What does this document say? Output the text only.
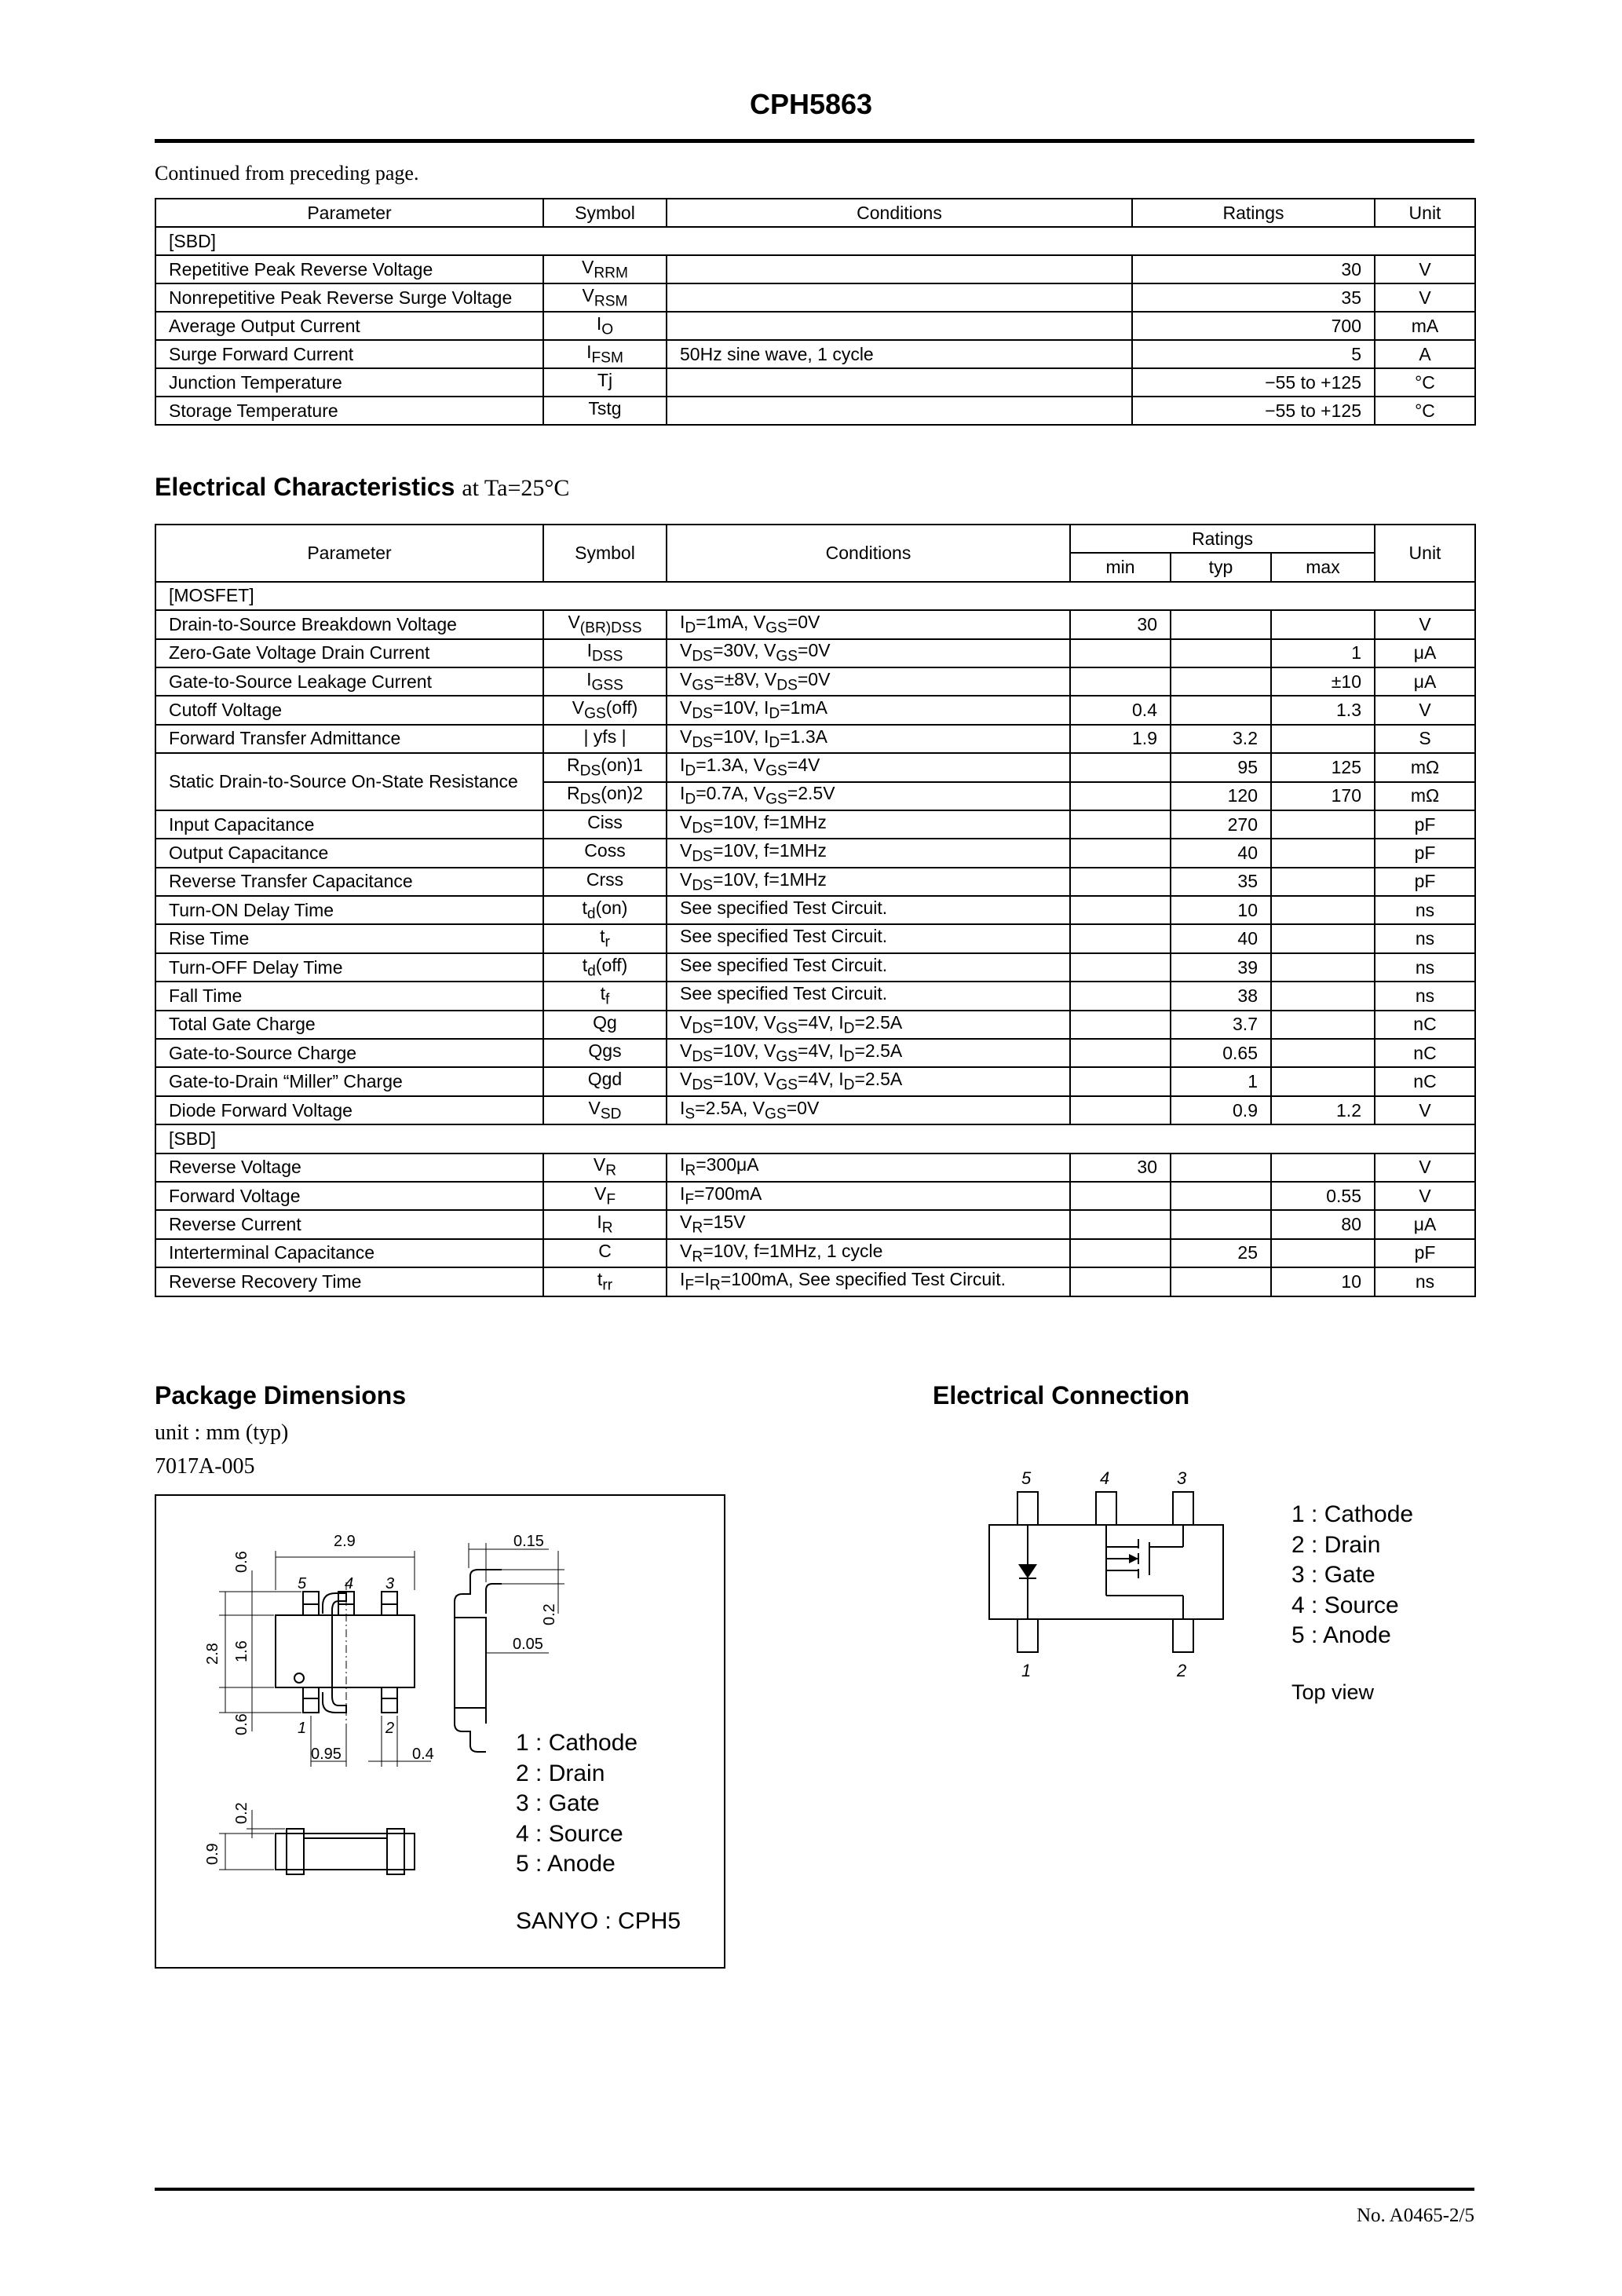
CPH5863
Continued from preceding page.
Parameter	Symbol	Conditions	Ratings	Unit
[SBD]				
Repetitive Peak Reverse Voltage	$V_{RRM}$		30	V
Nonrepetitive Peak Reverse Surge Voltage	$V_{RSM}$		35	V
Average Output Current	$I_O$		700	mA
Surge Forward Current	$I_{FSM}$	50Hz sine wave, 1 cycle	5	A
Junction Temperature	Tj		−55 to +125	°C
Storage Temperature	Tstg		−55 to +125	°C
Electrical Characteristics at Ta=25°C
Parameter	Symbol	Conditions	Ratings			Unit
			min	typ	max	
[MOSFET]						
Drain-to-Source Breakdown Voltage	$V_{(BR)DSS}$	$I_D=1mA$, $V_{GS}=0V$	30			V
Zero-Gate Voltage Drain Current	$I_{DSS}$	$V_{DS}=30V$, $V_{GS}=0V$			1	μA
Gate-to-Source Leakage Current	$I_{GSS}$	$V_{GS}=\pm 8V$, $V_{DS}=0V$			±10	μA
Cutoff Voltage	$V_{GS}(off)$	$V_{DS}=10V$, $I_D=1mA$	0.4		1.3	V
Forward Transfer Admittance	| yfs |	$V_{DS}=10V$, $I_D=1.3A$	1.9	3.2		S
Static Drain-to-Source On-State Resistance	$R_{DS}(on)1$	$I_D=1.3A$, $V_{GS}=4V$		95	125	mΩ
	$R_{DS}(on)2$	$I_D=0.7A$, $V_{GS}=2.5V$		120	170	mΩ
Input Capacitance	Ciss	$V_{DS}=10V$, f=1MHz		270		pF
Output Capacitance	Coss	$V_{DS}=10V$, f=1MHz		40		pF
Reverse Transfer Capacitance	Crss	$V_{DS}=10V$, f=1MHz		35		pF
Turn-ON Delay Time	$t_d(on)$	See specified Test Circuit.		10		ns
Rise Time	$t_r$	See specified Test Circuit.		40		ns
Turn-OFF Delay Time	$t_d(off)$	See specified Test Circuit.		39		ns
Fall Time	$t_f$	See specified Test Circuit.		38		ns
Total Gate Charge	Qg	$V_{DS}=10V$, $V_{GS}=4V$, $I_D=2.5A$		3.7		nC
Gate-to-Source Charge	Qgs	$V_{DS}=10V$, $V_{GS}=4V$, $I_D=2.5A$		0.65		nC
Gate-to-Drain “Miller” Charge	Qgd	$V_{DS}=10V$, $V_{GS}=4V$, $I_D=2.5A$		1		nC
Diode Forward Voltage	$V_{SD}$	$I_S=2.5A$, $V_{GS}=0V$		0.9	1.2	V
[SBD]						
Reverse Voltage	$V_R$	$I_R=300\mu A$	30			V
Forward Voltage	$V_F$	$I_F=700mA$			0.55	V
Reverse Current	$I_R$	$V_R=15V$			80	μA
Interterminal Capacitance	C	$V_R=10V$, f=1MHz, 1 cycle		25		pF
Reverse Recovery Time	$t_{rr}$	$I_F=I_R=100mA$, See specified Test Circuit.			10	ns
Package Dimensions
unit : mm (typ)
7017A-005
2.9
0.6
2.8 1.6
0.6
0.95	0.4
0.15
0.2
0.05
0.2
0.9
1	2
3
4
5
1 : Cathode
2 : Drain
3 : Gate
4 : Source
5 : Anode
SANYO : CPH5
Electrical Connection
5	4	3
1	2
1 : Cathode
2 : Drain
3 : Gate
4 : Source
5 : Anode
Top view
No. A0465-2/5
